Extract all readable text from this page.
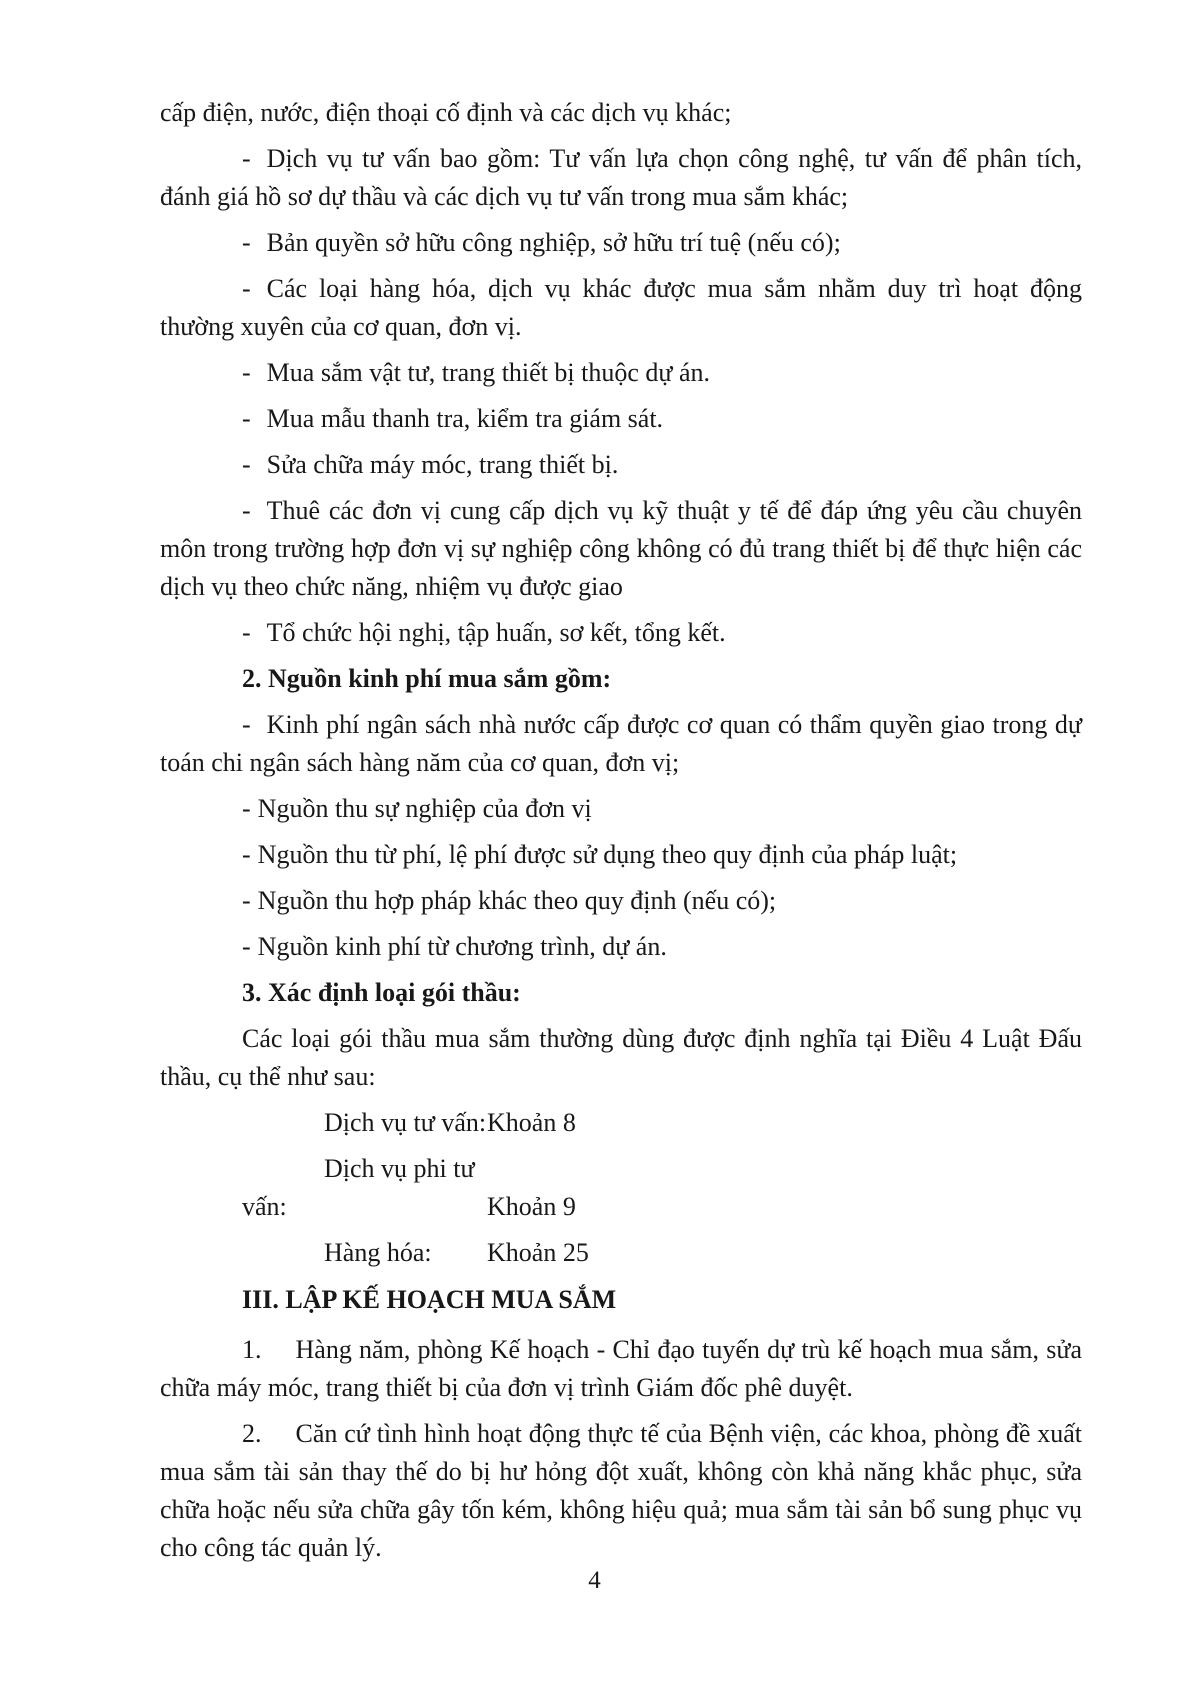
cấp điện, nước, điện thoại cố định và các dịch vụ khác;

- Dịch vụ tư vấn bao gồm: Tư vấn lựa chọn công nghệ, tư vấn để phân tích, đánh giá hồ sơ dự thầu và các dịch vụ tư vấn trong mua sắm khác;

- Bản quyền sở hữu công nghiệp, sở hữu trí tuệ (nếu có);

- Các loại hàng hóa, dịch vụ khác được mua sắm nhằm duy trì hoạt động thường xuyên của cơ quan, đơn vị.

- Mua sắm vật tư, trang thiết bị thuộc dự án.

- Mua mẫu thanh tra, kiểm tra giám sát.

- Sửa chữa máy móc, trang thiết bị.

- Thuê các đơn vị cung cấp dịch vụ kỹ thuật y tế để đáp ứng yêu cầu chuyên môn trong trường hợp đơn vị sự nghiệp công không có đủ trang thiết bị để thực hiện các dịch vụ theo chức năng, nhiệm vụ được giao

- Tổ chức hội nghị, tập huấn, sơ kết, tổng kết.

2. Nguồn kinh phí mua sắm gồm:

- Kinh phí ngân sách nhà nước cấp được cơ quan có thẩm quyền giao trong dự toán chi ngân sách hàng năm của cơ quan, đơn vị;

- Nguồn thu sự nghiệp của đơn vị

- Nguồn thu từ phí, lệ phí được sử dụng theo quy định của pháp luật;

- Nguồn thu hợp pháp khác theo quy định (nếu có);

- Nguồn kinh phí từ chương trình, dự án.

3. Xác định loại gói thầu:

Các loại gói thầu mua sắm thường dùng được định nghĩa tại Điều 4 Luật Đấu thầu, cụ thể như sau:

Dịch vụ tư vấn:Khoản 8

Dịch vụ phi tư vấn:	Khoản 9

Hàng hóa: Khoản 25

III. LẬP KẾ HOẠCH MUA SẮM

1. Hàng năm, phòng Kế hoạch - Chỉ đạo tuyến dự trù kế hoạch mua sắm, sửa chữa máy móc, trang thiết bị của đơn vị trình Giám đốc phê duyệt.

2. Căn cứ tình hình hoạt động thực tế của Bệnh viện, các khoa, phòng đề xuất mua sắm tài sản thay thế do bị hư hỏng đột xuất, không còn khả năng khắc phục, sửa chữa hoặc nếu sửa chữa gây tốn kém, không hiệu quả; mua sắm tài sản bổ sung phục vụ cho công tác quản lý.

4
